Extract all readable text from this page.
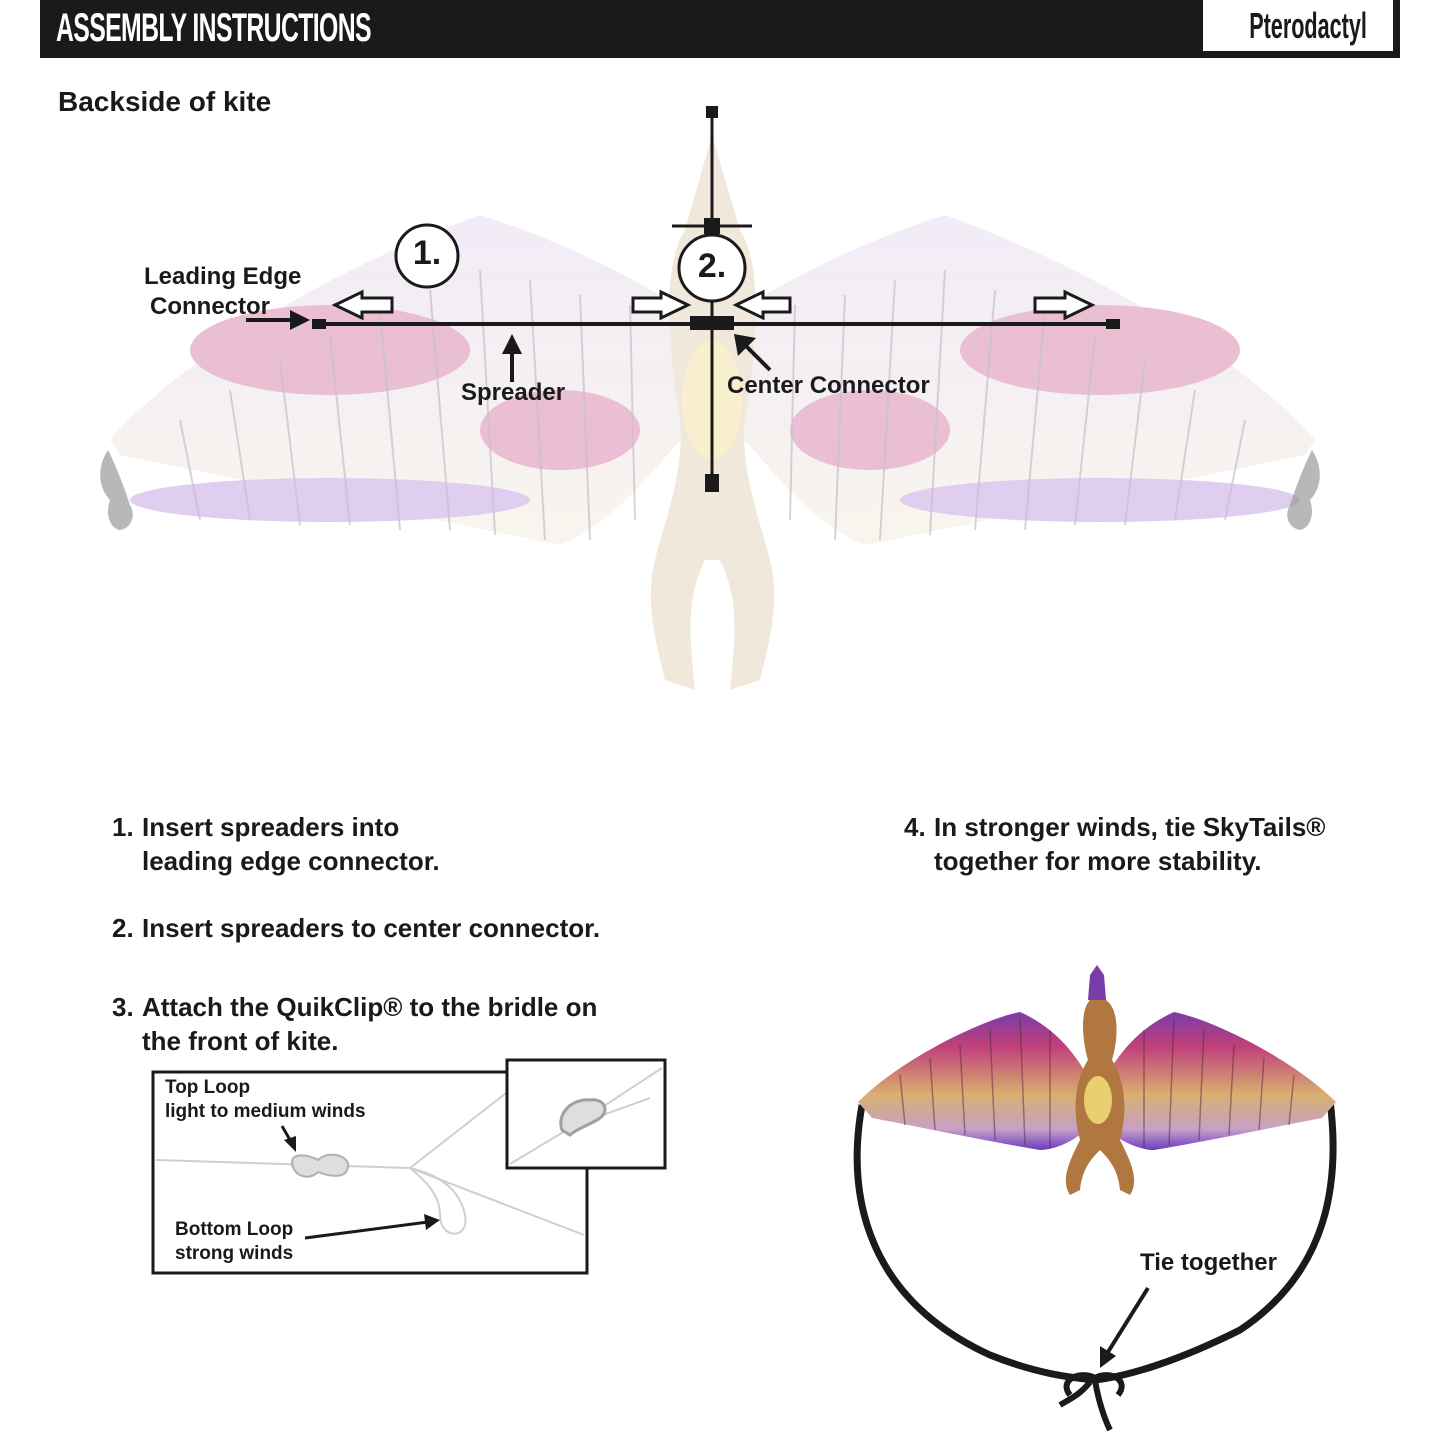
ASSEMBLY INSTRUCTIONS	Pterodactyl
Backside of kite
1.	2.
Leading Edge
Connector
Spreader	Center Connector
1. Insert spreaders into
leading edge connector.
2. Insert spreaders to center connector.
3. Attach the QuikClip® to the bridle on
the front of kite.
4. In stronger winds, tie SkyTails®
together for more stability.
Top Loop
light to medium winds
Bottom Loop
strong winds	Tie together
